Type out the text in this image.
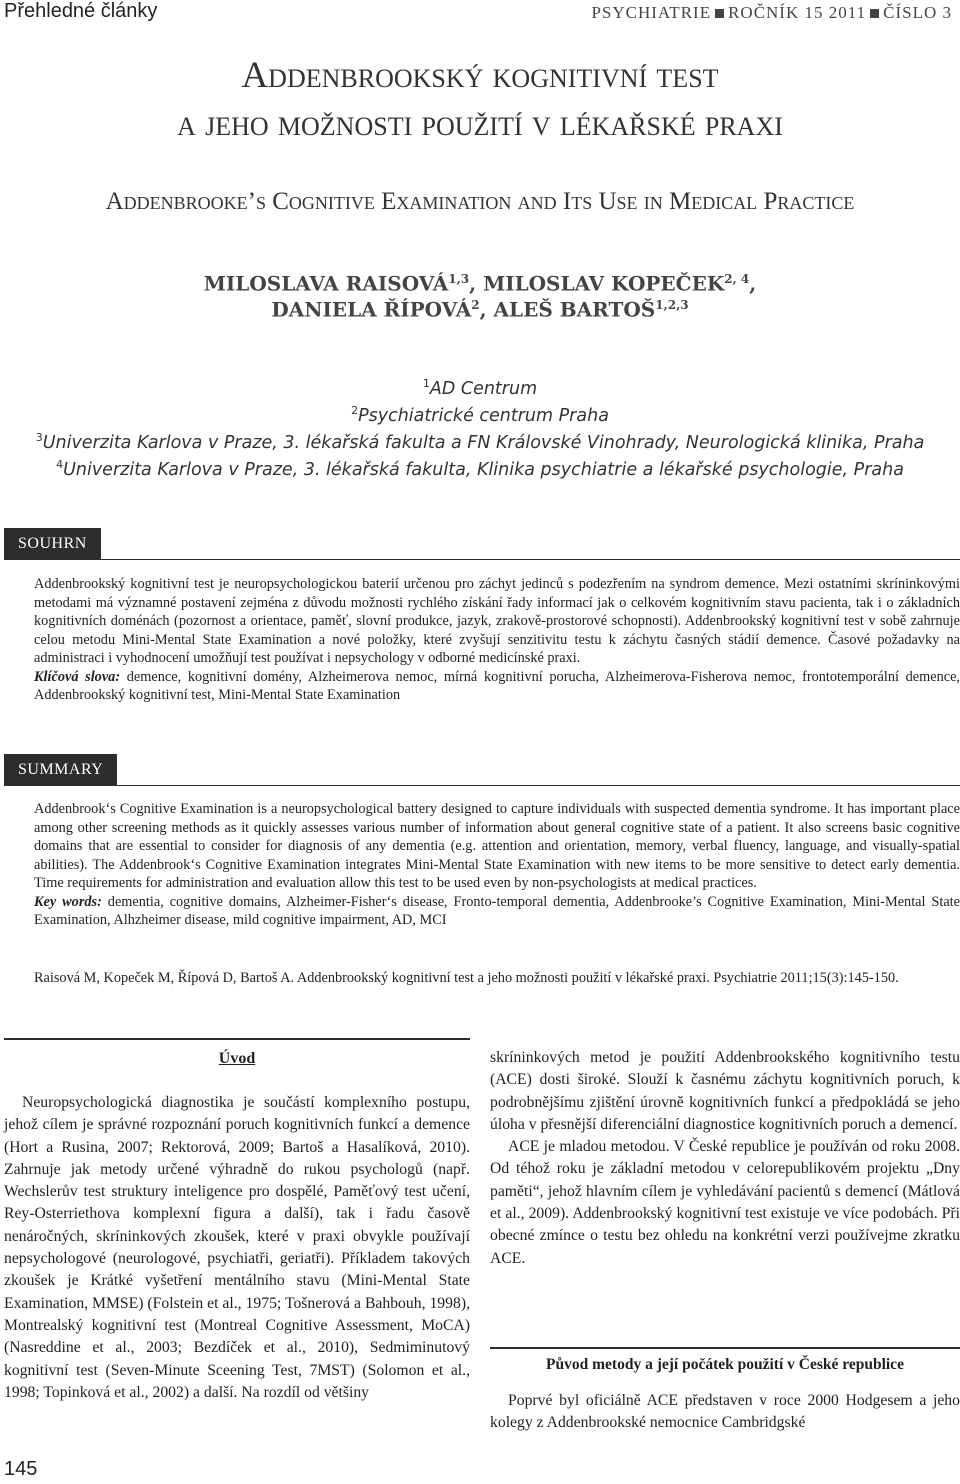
Přehledné články	PSYCHIATRIE ROČNÍK 15 2011 ČÍSLO 3
Addenbrookský kognitivní test
a jeho možnosti použití v lékařské praxi
Addenbrooke’s Cognitive Examination and Its Use in Medical Practice
MILOSLAVA RAISOVÁ$^{1,3}$, MILOSLAV KOPEČEK$^{2, 4}$,
DANIELA ŘÍPOVÁ$^2$, ALEŠ BARTOŠ$^{1,2,3}$
$^1$AD Centrum
$^2$Psychiatrické centrum Praha
$^3$Univerzita Karlova v Praze, 3. lékařská fakulta a FN Královské Vinohrady, Neurologická klinika, Praha
$^4$Univerzita Karlova v Praze, 3. lékařská fakulta, Klinika psychiatrie a lékařské psychologie, Praha
SOUHRN
Addenbrookský kognitivní test je neuropsychologickou baterií určenou pro záchyt jedinců s podezřením na syndrom demence. Mezi ostatními skríninkovými metodami má významné postavení zejména z důvodu možnosti rychlého získání řady informací jak o celkovém kognitivním stavu pacienta, tak i o základních kognitivních doménách (pozornost a orientace, paměť, slovní produkce, jazyk, zrakově-prostorové schopnosti). Addenbrookský kognitivní test v sobě zahrnuje celou metodu Mini-Mental State Examination a nové položky, které zvyšují senzitivitu testu k záchytu časných stádií demence. Časové požadavky na administraci i vyhodnocení umožňují test používat i nepsychology v odborné medicínské praxi.
Klíčová slova: demence, kognitivní domény, Alzheimerova nemoc, mírná kognitivní porucha, Alzheimerova-Fisherova nemoc, frontotemporální demence, Addenbrookský kognitivní test, Mini-Mental State Examination
SUMMARY
Addenbrook‘s Cognitive Examination is a neuropsychological battery designed to capture individuals with suspected dementia syndrome. It has important place among other screening methods as it quickly assesses various number of information about general cognitive state of a patient. It also screens basic cognitive domains that are essential to consider for diagnosis of any dementia (e.g. attention and orientation, memory, verbal fluency, language, and visually-spatial abilities). The Addenbrook‘s Cognitive Examination integrates Mini-Mental State Examination with new items to be more sensitive to detect early dementia. Time requirements for administration and evaluation allow this test to be used even by non-psychologists at medical practices.
Key words: dementia, cognitive domains, Alzheimer-Fisher‘s disease, Fronto-temporal dementia, Addenbrooke’s Cognitive Examination, Mini-Mental State Examination, Alhzheimer disease, mild cognitive impairment, AD, MCI
Raisová M, Kopeček M, Řípová D, Bartoš A. Addenbrookský kognitivní test a jeho možnosti použití v lékařské praxi. Psychiatrie 2011;15(3):145-150.
Úvod

Neuropsychologická diagnostika je součástí komplexního postupu, jehož cílem je správné rozpoznání poruch kognitivních funkcí a demence (Hort a Rusina, 2007; Rektorová, 2009; Bartoš a Hasalíková, 2010). Zahrnuje jak metody určené výhradně do rukou psychologů (např. Wechslerův test struktury inteligence pro dospělé, Paměťový test učení, Rey-Osterriethova komplexní figura a další), tak i řadu časově nenáročných, skríninkových zkoušek, které v praxi obvykle používají nepsychologové (neurologové, psychiatři, geriatři). Příkladem takových zkoušek je Krátké vyšetření mentálního stavu (Mini-Mental State Examination, MMSE) (Folstein et al., 1975; Tošnerová a Bahbouh, 1998), Montrealský kognitivní test (Montreal Cognitive Assessment, MoCA) (Nasreddine et al., 2003; Bezdíček et al., 2010), Sedmiminutový kognitivní test (Seven-Minute Sceening Test, 7MST) (Solomon et al., 1998; Topinková et al., 2002) a další. Na rozdíl od většiny

skríninkových metod je použití Addenbrookského kognitivního testu (ACE) dosti široké. Slouží k časnému záchytu kognitivních poruch, k podrobnějšímu zjištění úrovně kognitivních funkcí a předpokládá se jeho úloha v přesnější diferenciální diagnostice kognitivních poruch a demencí.

ACE je mladou metodou. V České republice je používán od roku 2008. Od téhož roku je základní metodou v celorepublikovém projektu „Dny paměti“, jehož hlavním cílem je vyhledávání pacientů s demencí (Mátlová et al., 2009). Addenbrookský kognitivní test existuje ve více podobách. Při obecné zmínce o testu bez ohledu na konkrétní verzi používejme zkratku ACE.

Původ metody a její počátek použití v České republice

Poprvé byl oficiálně ACE představen v roce 2000 Hodgesem a jeho kolegy z Addenbrookské nemocnice Cambridgské

145
